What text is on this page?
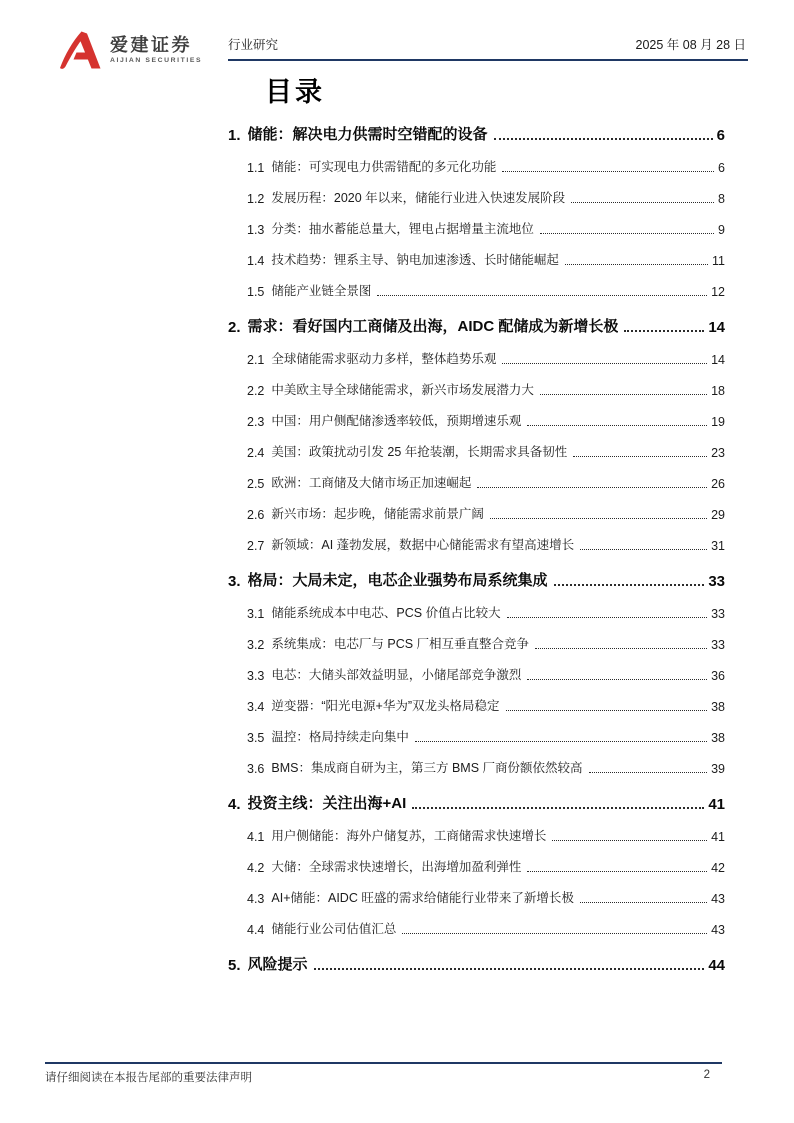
爱建证券
AIJIAN SECURITIES
行业研究	2025 年 08 月 28 日
目录
1. 储能：解决电力供需时空错配的设备	6
1.1 储能：可实现电力供需错配的多元化功能	6
1.2 发展历程：2020 年以来，储能行业进入快速发展阶段	8
1.3 分类：抽水蓄能总量大，锂电占据增量主流地位	9
1.4 技术趋势：锂系主导、钠电加速渗透、长时储能崛起	11
1.5 储能产业链全景图	12
2. 需求：看好国内工商储及出海，AIDC 配储成为新增长极	14
2.1 全球储能需求驱动力多样，整体趋势乐观	14
2.2 中美欧主导全球储能需求，新兴市场发展潜力大	18
2.3 中国：用户侧配储渗透率较低，预期增速乐观	19
2.4 美国：政策扰动引发 25 年抢装潮，长期需求具备韧性	23
2.5 欧洲：工商储及大储市场正加速崛起	26
2.6 新兴市场：起步晚，储能需求前景广阔	29
2.7 新领域：AI 蓬勃发展，数据中心储能需求有望高速增长	31
3. 格局：大局未定，电芯企业强势布局系统集成	33
3.1 储能系统成本中电芯、PCS 价值占比较大	33
3.2 系统集成：电芯厂与 PCS 厂相互垂直整合竞争	33
3.3 电芯：大储头部效益明显，小储尾部竞争激烈	36
3.4 逆变器：“阳光电源+华为”双龙头格局稳定	38
3.5 温控：格局持续走向集中	38
3.6 BMS：集成商自研为主，第三方 BMS 厂商份额依然较高	39
4. 投资主线：关注出海+AI	41
4.1 用户侧储能：海外户储复苏，工商储需求快速增长	41
4.2 大储：全球需求快速增长，出海增加盈利弹性	42
4.3 AI+储能：AIDC 旺盛的需求给储能行业带来了新增长极	43
4.4 储能行业公司估值汇总	43
5. 风险提示	44
请仔细阅读在本报告尾部的重要法律声明	2
